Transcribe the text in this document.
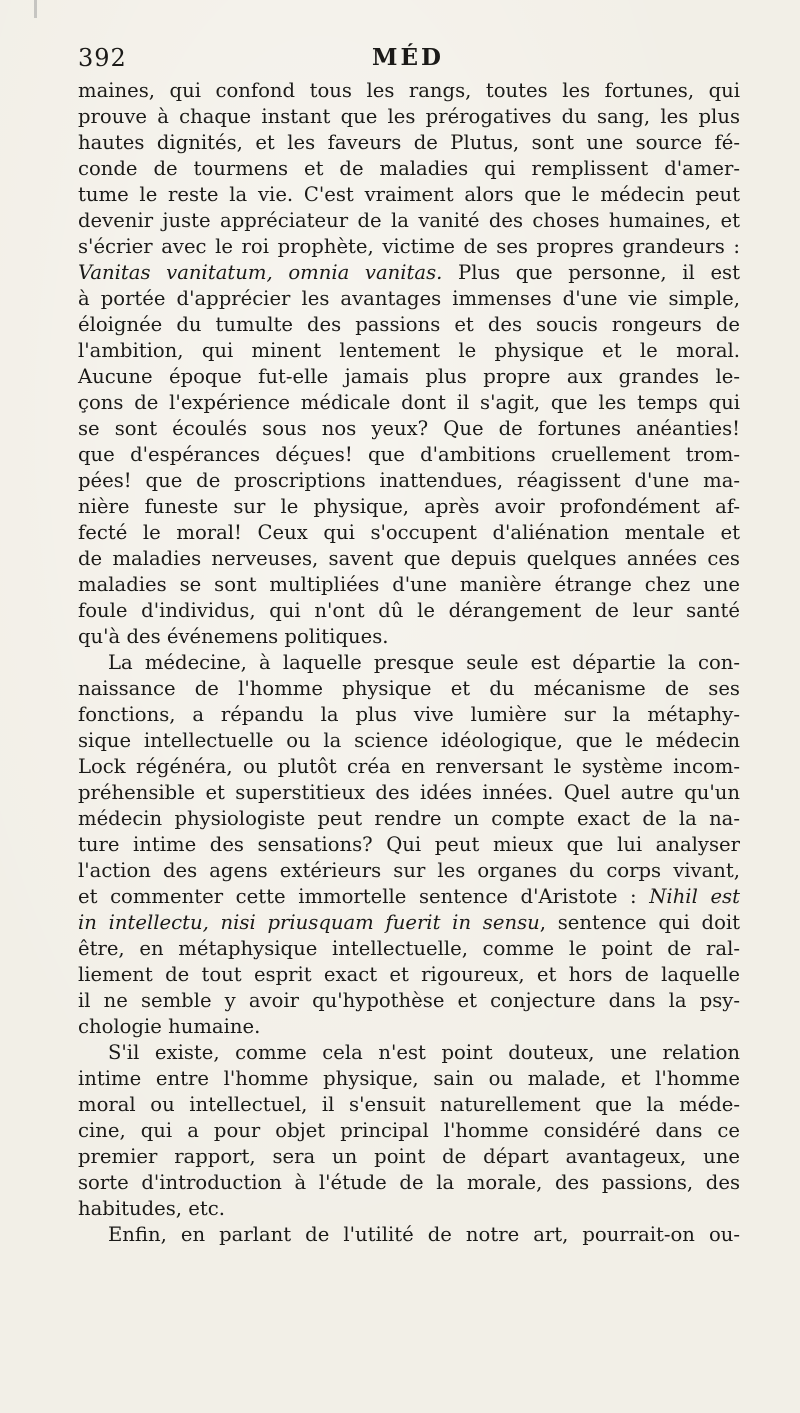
392	MÉD

maines, qui confond tous les rangs, toutes les fortunes, qui
prouve à chaque instant que les prérogatives du sang, les plus
hautes dignités, et les faveurs de Plutus, sont une source fé-
conde de tourmens et de maladies qui remplissent d'amer-
tume le reste la vie. C'est vraiment alors que le médecin peut
devenir juste appréciateur de la vanité des choses humaines, et
s'écrier avec le roi prophète, victime de ses propres grandeurs :
Vanitas vanitatum, omnia vanitas. Plus que personne, il est
à portée d'apprécier les avantages immenses d'une vie simple,
éloignée du tumulte des passions et des soucis rongeurs de
l'ambition, qui minent lentement le physique et le moral.
Aucune époque fut-elle jamais plus propre aux grandes le-
çons de l'expérience médicale dont il s'agit, que les temps qui
se sont écoulés sous nos yeux? Que de fortunes anéanties!
que d'espérances déçues! que d'ambitions cruellement trom-
pées! que de proscriptions inattendues, réagissent d'une ma-
nière funeste sur le physique, après avoir profondément af-
fecté le moral! Ceux qui s'occupent d'aliénation mentale et
de maladies nerveuses, savent que depuis quelques années ces
maladies se sont multipliées d'une manière étrange chez une
foule d'individus, qui n'ont dû le dérangement de leur santé
qu'à des événemens politiques.

La médecine, à laquelle presque seule est départie la con-
naissance de l'homme physique et du mécanisme de ses
fonctions, a répandu la plus vive lumière sur la métaphy-
sique intellectuelle ou la science idéologique, que le médecin
Lock régénéra, ou plutôt créa en renversant le système incom-
préhensible et superstitieux des idées innées. Quel autre qu'un
médecin physiologiste peut rendre un compte exact de la na-
ture intime des sensations? Qui peut mieux que lui analyser
l'action des agens extérieurs sur les organes du corps vivant,
et commenter cette immortelle sentence d'Aristote : Nihil est
in intellectu, nisi priusquam fuerit in sensu, sentence qui doit
être, en métaphysique intellectuelle, comme le point de ral-
liement de tout esprit exact et rigoureux, et hors de laquelle
il ne semble y avoir qu'hypothèse et conjecture dans la psy-
chologie humaine.

S'il existe, comme cela n'est point douteux, une relation
intime entre l'homme physique, sain ou malade, et l'homme
moral ou intellectuel, il s'ensuit naturellement que la méde-
cine, qui a pour objet principal l'homme considéré dans ce
premier rapport, sera un point de départ avantageux, une
sorte d'introduction à l'étude de la morale, des passions, des
habitudes, etc.

Enfin, en parlant de l'utilité de notre art, pourrait-on ou-
